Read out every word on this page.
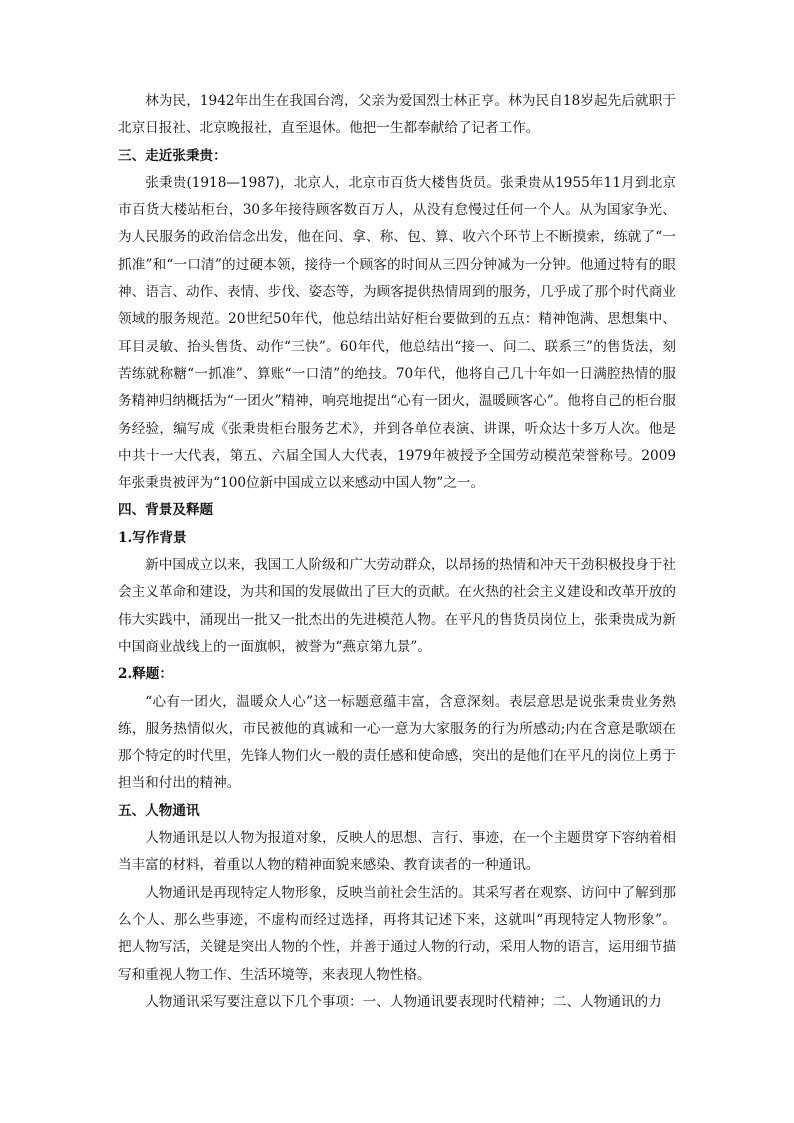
林为民，1942年出生在我国台湾，父亲为爱国烈士林正亨。林为民自18岁起先后就职于北京日报社、北京晚报社，直至退休。他把一生都奉献给了记者工作。

三、走近张秉贵：

张秉贵(1918—1987)，北京人，北京市百货大楼售货员。张秉贵从1955年11月到北京市百货大楼站柜台，30多年接待顾客数百万人，从没有怠慢过任何一个人。从为国家争光、为人民服务的政治信念出发，他在问、拿、称、包、算、收六个环节上不断摸索，练就了“一抓准”和“一口清”的过硬本领，接待一个顾客的时间从三四分钟减为一分钟。他通过特有的眼神、语言、动作、表情、步伐、姿态等，为顾客提供热情周到的服务，几乎成了那个时代商业领域的服务规范。20世纪50年代，他总结出站好柜台要做到的五点：精神饱满、思想集中、耳目灵敏、抬头售货、动作“三快”。60年代，他总结出“接一、问二、联系三”的售货法，刻苦练就称糖“一抓准”、算账“一口清”的绝技。70年代，他将自己几十年如一日满腔热情的服务精神归纳概括为“一团火”精神，响亮地提出“心有一团火，温暖顾客心”。他将自己的柜台服务经验，编写成《张秉贵柜台服务艺术》，并到各单位表演、讲课，听众达十多万人次。他是中共十一大代表，第五、六届全国人大代表，1979年被授予全国劳动模范荣誉称号。2009年张秉贵被评为“100位新中国成立以来感动中国人物”之一。

四、背景及释题

1.写作背景

新中国成立以来，我国工人阶级和广大劳动群众，以昂扬的热情和冲天干劲积极投身于社会主义革命和建设，为共和国的发展做出了巨大的贡献。在火热的社会主义建设和改革开放的伟大实践中，涌现出一批又一批杰出的先进模范人物。在平凡的售货员岗位上，张秉贵成为新中国商业战线上的一面旗帜，被誉为“燕京第九景”。

2.释题：

“心有一团火，温暖众人心”这一标题意蕴丰富，含意深刻。表层意思是说张秉贵业务熟练，服务热情似火，市民被他的真诚和一心一意为大家服务的行为所感动;内在含意是歌颂在那个特定的时代里，先锋人物们火一般的责任感和使命感，突出的是他们在平凡的岗位上勇于担当和付出的精神。

五、人物通讯

人物通讯是以人物为报道对象，反映人的思想、言行、事迹，在一个主题贯穿下容纳着相当丰富的材料，着重以人物的精神面貌来感染、教育读者的一种通讯。

人物通讯是再现特定人物形象，反映当前社会生活的。其采写者在观察、访问中了解到那么个人、那么些事迹，不虚构而经过选择，再将其记述下来，这就叫“再现特定人物形象”。 把人物写活，关键是突出人物的个性，并善于通过人物的行动，采用人物的语言，运用细节描写和重视人物工作、生活环境等，来表现人物性格。

人物通讯采写要注意以下几个事项：一、人物通讯要表现时代精神；二、人物通讯的力
